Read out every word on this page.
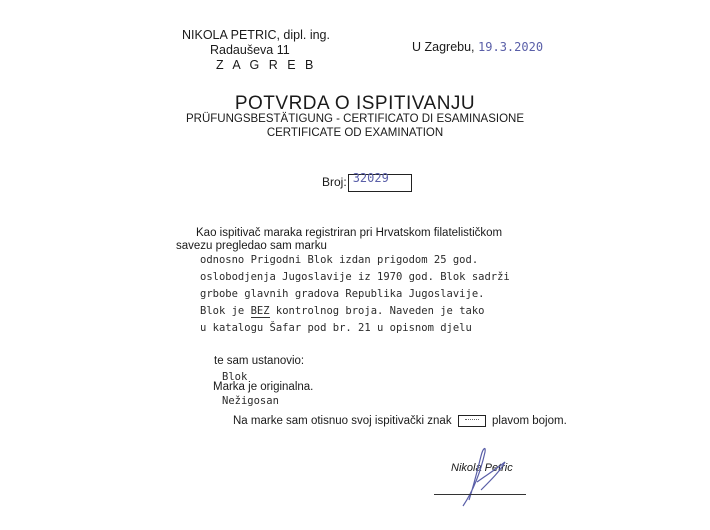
NIKOLA PETRIC, dipl. ing.
Radauševa 11
Z A G R E B
U Zagrebu, 19.3.2020
POTVRDA O ISPITIVANJU
PRÜFUNGSBESTÄTIGUNG - CERTIFICATO DI ESAMINASIONE
CERTIFICATE OD EXAMINATION
Broj: 32029
Kao ispitivač maraka registriran pri Hrvatskom filatelističkom
savezu pregledao sam marku
odnosno Prigodni Blok izdan prigodom 25 god.
oslobodjenja Jugoslavije iz 1970 god. Blok sadrži
grbobe glavnih gradova Republika Jugoslavije.
Blok je BEZ kontrolnog broja. Naveden je tako
u katalogu Šafar pod br. 21 u opisnom djelu
te sam ustanovio:
Blok
Marka je originalna.
Nežigosan
Na marke sam otisnuo svoj ispitivački znak	plavom bojom.
Nikola Petric
